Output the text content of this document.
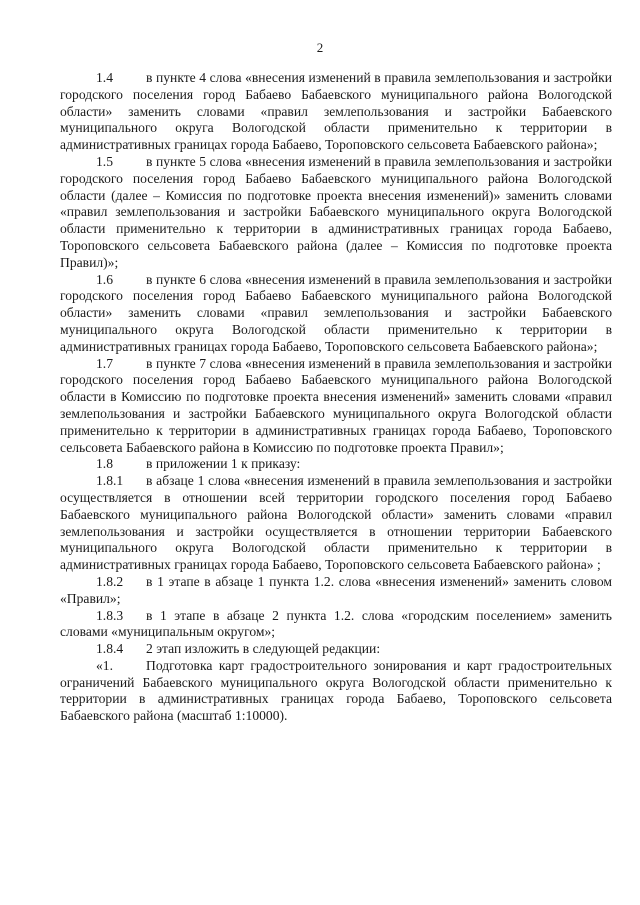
2

1.4 в пункте 4 слова «внесения изменений в правила землепользования и застройки городского поселения город Бабаево Бабаевского муниципального района Вологодской области» заменить словами «правил землепользования и застройки Бабаевского муниципального округа Вологодской области применительно к территории в административных границах города Бабаево, Тороповского сельсовета Бабаевского района»;

1.5 в пункте 5 слова «внесения изменений в правила землепользования и застройки городского поселения город Бабаево Бабаевского муниципального района Вологодской области (далее – Комиссия по подготовке проекта внесения изменений)» заменить словами «правил землепользования и застройки Бабаевского муниципального округа Вологодской области применительно к территории в административных границах города Бабаево, Тороповского сельсовета Бабаевского района (далее – Комиссия по подготовке проекта Правил)»;

1.6 в пункте 6 слова «внесения изменений в правила землепользования и застройки городского поселения город Бабаево Бабаевского муниципального района Вологодской области» заменить словами «правил землепользования и застройки Бабаевского муниципального округа Вологодской области применительно к территории в административных границах города Бабаево, Тороповского сельсовета Бабаевского района»;

1.7 в пункте 7 слова «внесения изменений в правила землепользования и застройки городского поселения город Бабаево Бабаевского муниципального района Вологодской области в Комиссию по подготовке проекта внесения изменений» заменить словами «правил землепользования и застройки Бабаевского муниципального округа Вологодской области применительно к территории в административных границах города Бабаево, Тороповского сельсовета Бабаевского района в Комиссию по подготовке проекта Правил»;

1.8 в приложении 1 к приказу:

1.8.1 в абзаце 1 слова «внесения изменений в правила землепользования и застройки осуществляется в отношении всей территории городского поселения город Бабаево Бабаевского муниципального района Вологодской области» заменить словами «правил землепользования и застройки осуществляется в отношении территории Бабаевского муниципального округа Вологодской области применительно к территории в административных границах города Бабаево, Тороповского сельсовета Бабаевского района» ;

1.8.2 в 1 этапе в абзаце 1 пункта 1.2. слова «внесения изменений» заменить словом «Правил»;

1.8.3 в 1 этапе в абзаце 2 пункта 1.2. слова «городским поселением» заменить словами «муниципальным округом»;

1.8.4 2 этап изложить в следующей редакции:

«1. Подготовка карт градостроительного зонирования и карт градостроительных ограничений Бабаевского муниципального округа Вологодской области применительно к территории в административных границах города Бабаево, Тороповского сельсовета Бабаевского района (масштаб 1:10000).
